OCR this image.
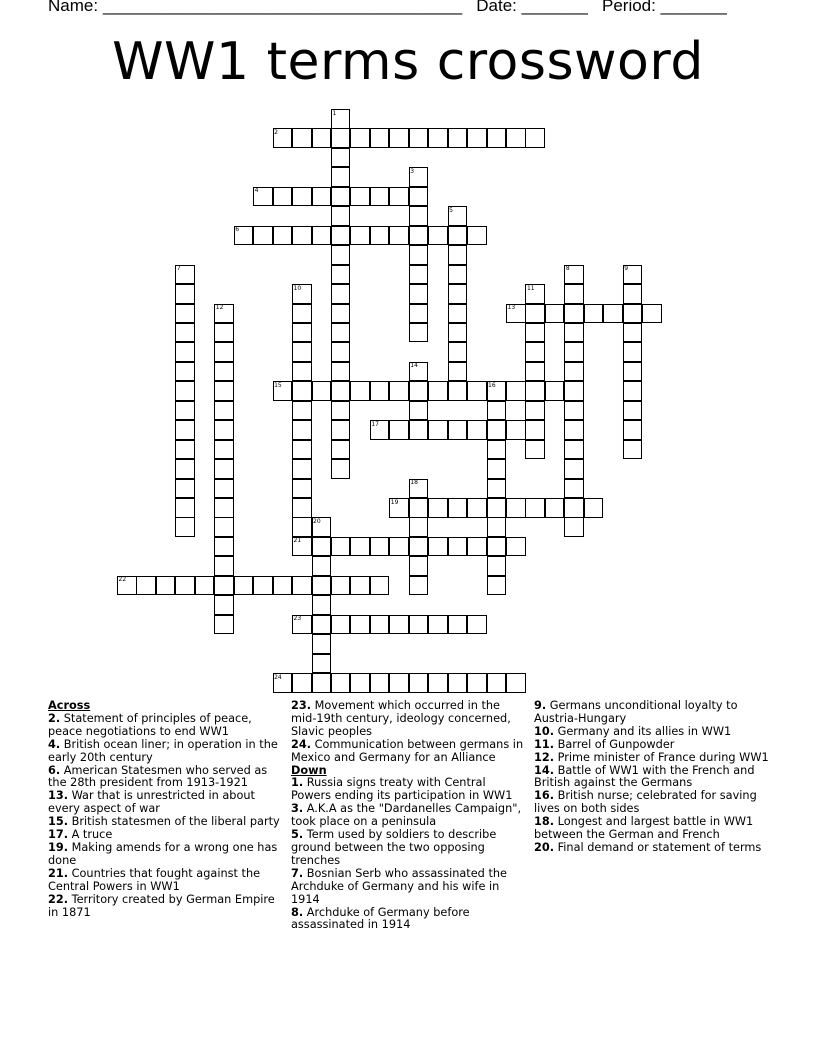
Name: ______________________________________ Date: _______ Period: _______
WW1 terms crossword
1
2
3
4
5
6
7	8	9
10	11
12	13
14
15	16
17
18
19
20
21
22
23
24
Across
2. Statement of principles of peace, peace negotiations to end WW1
4. British ocean liner; in operation in the early 20th century
6. American Statesmen who served as the 28th president from 1913-1921
13. War that is unrestricted in about every aspect of war
15. British statesmen of the liberal party
17. A truce
19. Making amends for a wrong one has done
21. Countries that fought against the Central Powers in WW1
22. Territory created by German Empire in 1871
23. Movement which occurred in the mid-19th century, ideology concerned, Slavic peoples
24. Communication between germans in Mexico and Germany for an Alliance
Down
1. Russia signs treaty with Central Powers ending its participation in WW1
3. A.K.A as the "Dardanelles Campaign", took place on a peninsula
5. Term used by soldiers to describe ground between the two opposing trenches
7. Bosnian Serb who assassinated the Archduke of Germany and his wife in 1914
8. Archduke of Germany before assassinated in 1914
9. Germans unconditional loyalty to Austria-Hungary
10. Germany and its allies in WW1
11. Barrel of Gunpowder
12. Prime minister of France during WW1
14. Battle of WW1 with the French and British against the Germans
16. British nurse; celebrated for saving lives on both sides
18. Longest and largest battle in WW1 between the German and French
20. Final demand or statement of terms
